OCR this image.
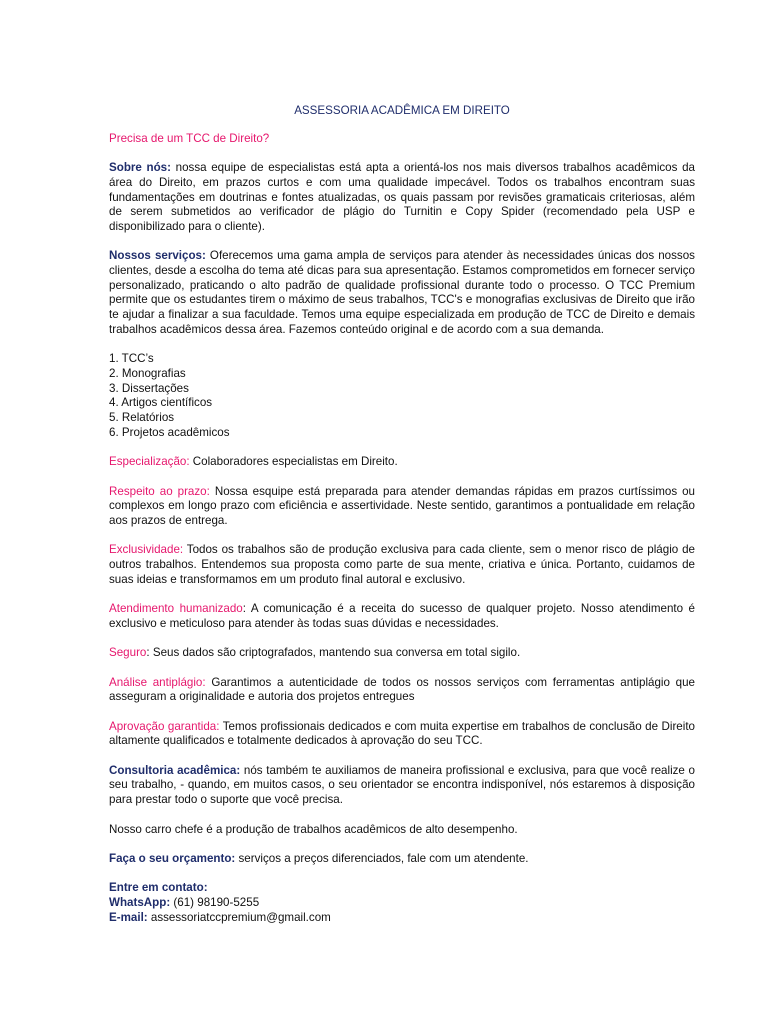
ASSESSORIA ACADÊMICA EM DIREITO
Precisa de um TCC de Direito?

Sobre nós: nossa equipe de especialistas está apta a orientá-los nos mais diversos trabalhos acadêmicos da área do Direito, em prazos curtos e com uma qualidade impecável. Todos os trabalhos encontram suas fundamentações em doutrinas e fontes atualizadas, os quais passam por revisões gramaticais criteriosas, além de serem submetidos ao verificador de plágio do Turnitin e Copy Spider (recomendado pela USP e disponibilizado para o cliente).

Nossos serviços: Oferecemos uma gama ampla de serviços para atender às necessidades únicas dos nossos clientes, desde a escolha do tema até dicas para sua apresentação. Estamos comprometidos em fornecer serviço personalizado, praticando o alto padrão de qualidade profissional durante todo o processo. O TCC Premium permite que os estudantes tirem o máximo de seus trabalhos, TCC's e monografias exclusivas de Direito que irão te ajudar a finalizar a sua faculdade. Temos uma equipe especializada em produção de TCC de Direito e demais trabalhos acadêmicos dessa área. Fazemos conteúdo original e de acordo com a sua demanda.

1. TCC’s
2. Monografias
3. Dissertações
4. Artigos científicos
5. Relatórios
6. Projetos acadêmicos

Especialização: Colaboradores especialistas em Direito.

Respeito ao prazo: Nossa esquipe está preparada para atender demandas rápidas em prazos curtíssimos ou complexos em longo prazo com eficiência e assertividade. Neste sentido, garantimos a pontualidade em relação aos prazos de entrega.

Exclusividade: Todos os trabalhos são de produção exclusiva para cada cliente, sem o menor risco de plágio de outros trabalhos. Entendemos sua proposta como parte de sua mente, criativa e única. Portanto, cuidamos de suas ideias e transformamos em um produto final autoral e exclusivo.

Atendimento humanizado: A comunicação é a receita do sucesso de qualquer projeto. Nosso atendimento é exclusivo e meticuloso para atender às todas suas dúvidas e necessidades.

Seguro: Seus dados são criptografados, mantendo sua conversa em total sigilo.

Análise antiplágio: Garantimos a autenticidade de todos os nossos serviços com ferramentas antiplágio que asseguram a originalidade e autoria dos projetos entregues

Aprovação garantida: Temos profissionais dedicados e com muita expertise em trabalhos de conclusão de Direito altamente qualificados e totalmente dedicados à aprovação do seu TCC.

Consultoria acadêmica: nós também te auxiliamos de maneira profissional e exclusiva, para que você realize o seu trabalho, - quando, em muitos casos, o seu orientador se encontra indisponível, nós estaremos à disposição para prestar todo o suporte que você precisa.

Nosso carro chefe é a produção de trabalhos acadêmicos de alto desempenho.

Faça o seu orçamento: serviços a preços diferenciados, fale com um atendente.

Entre em contato:
WhatsApp: (61) 98190-5255
E-mail: assessoriatccpremium@gmail.com
